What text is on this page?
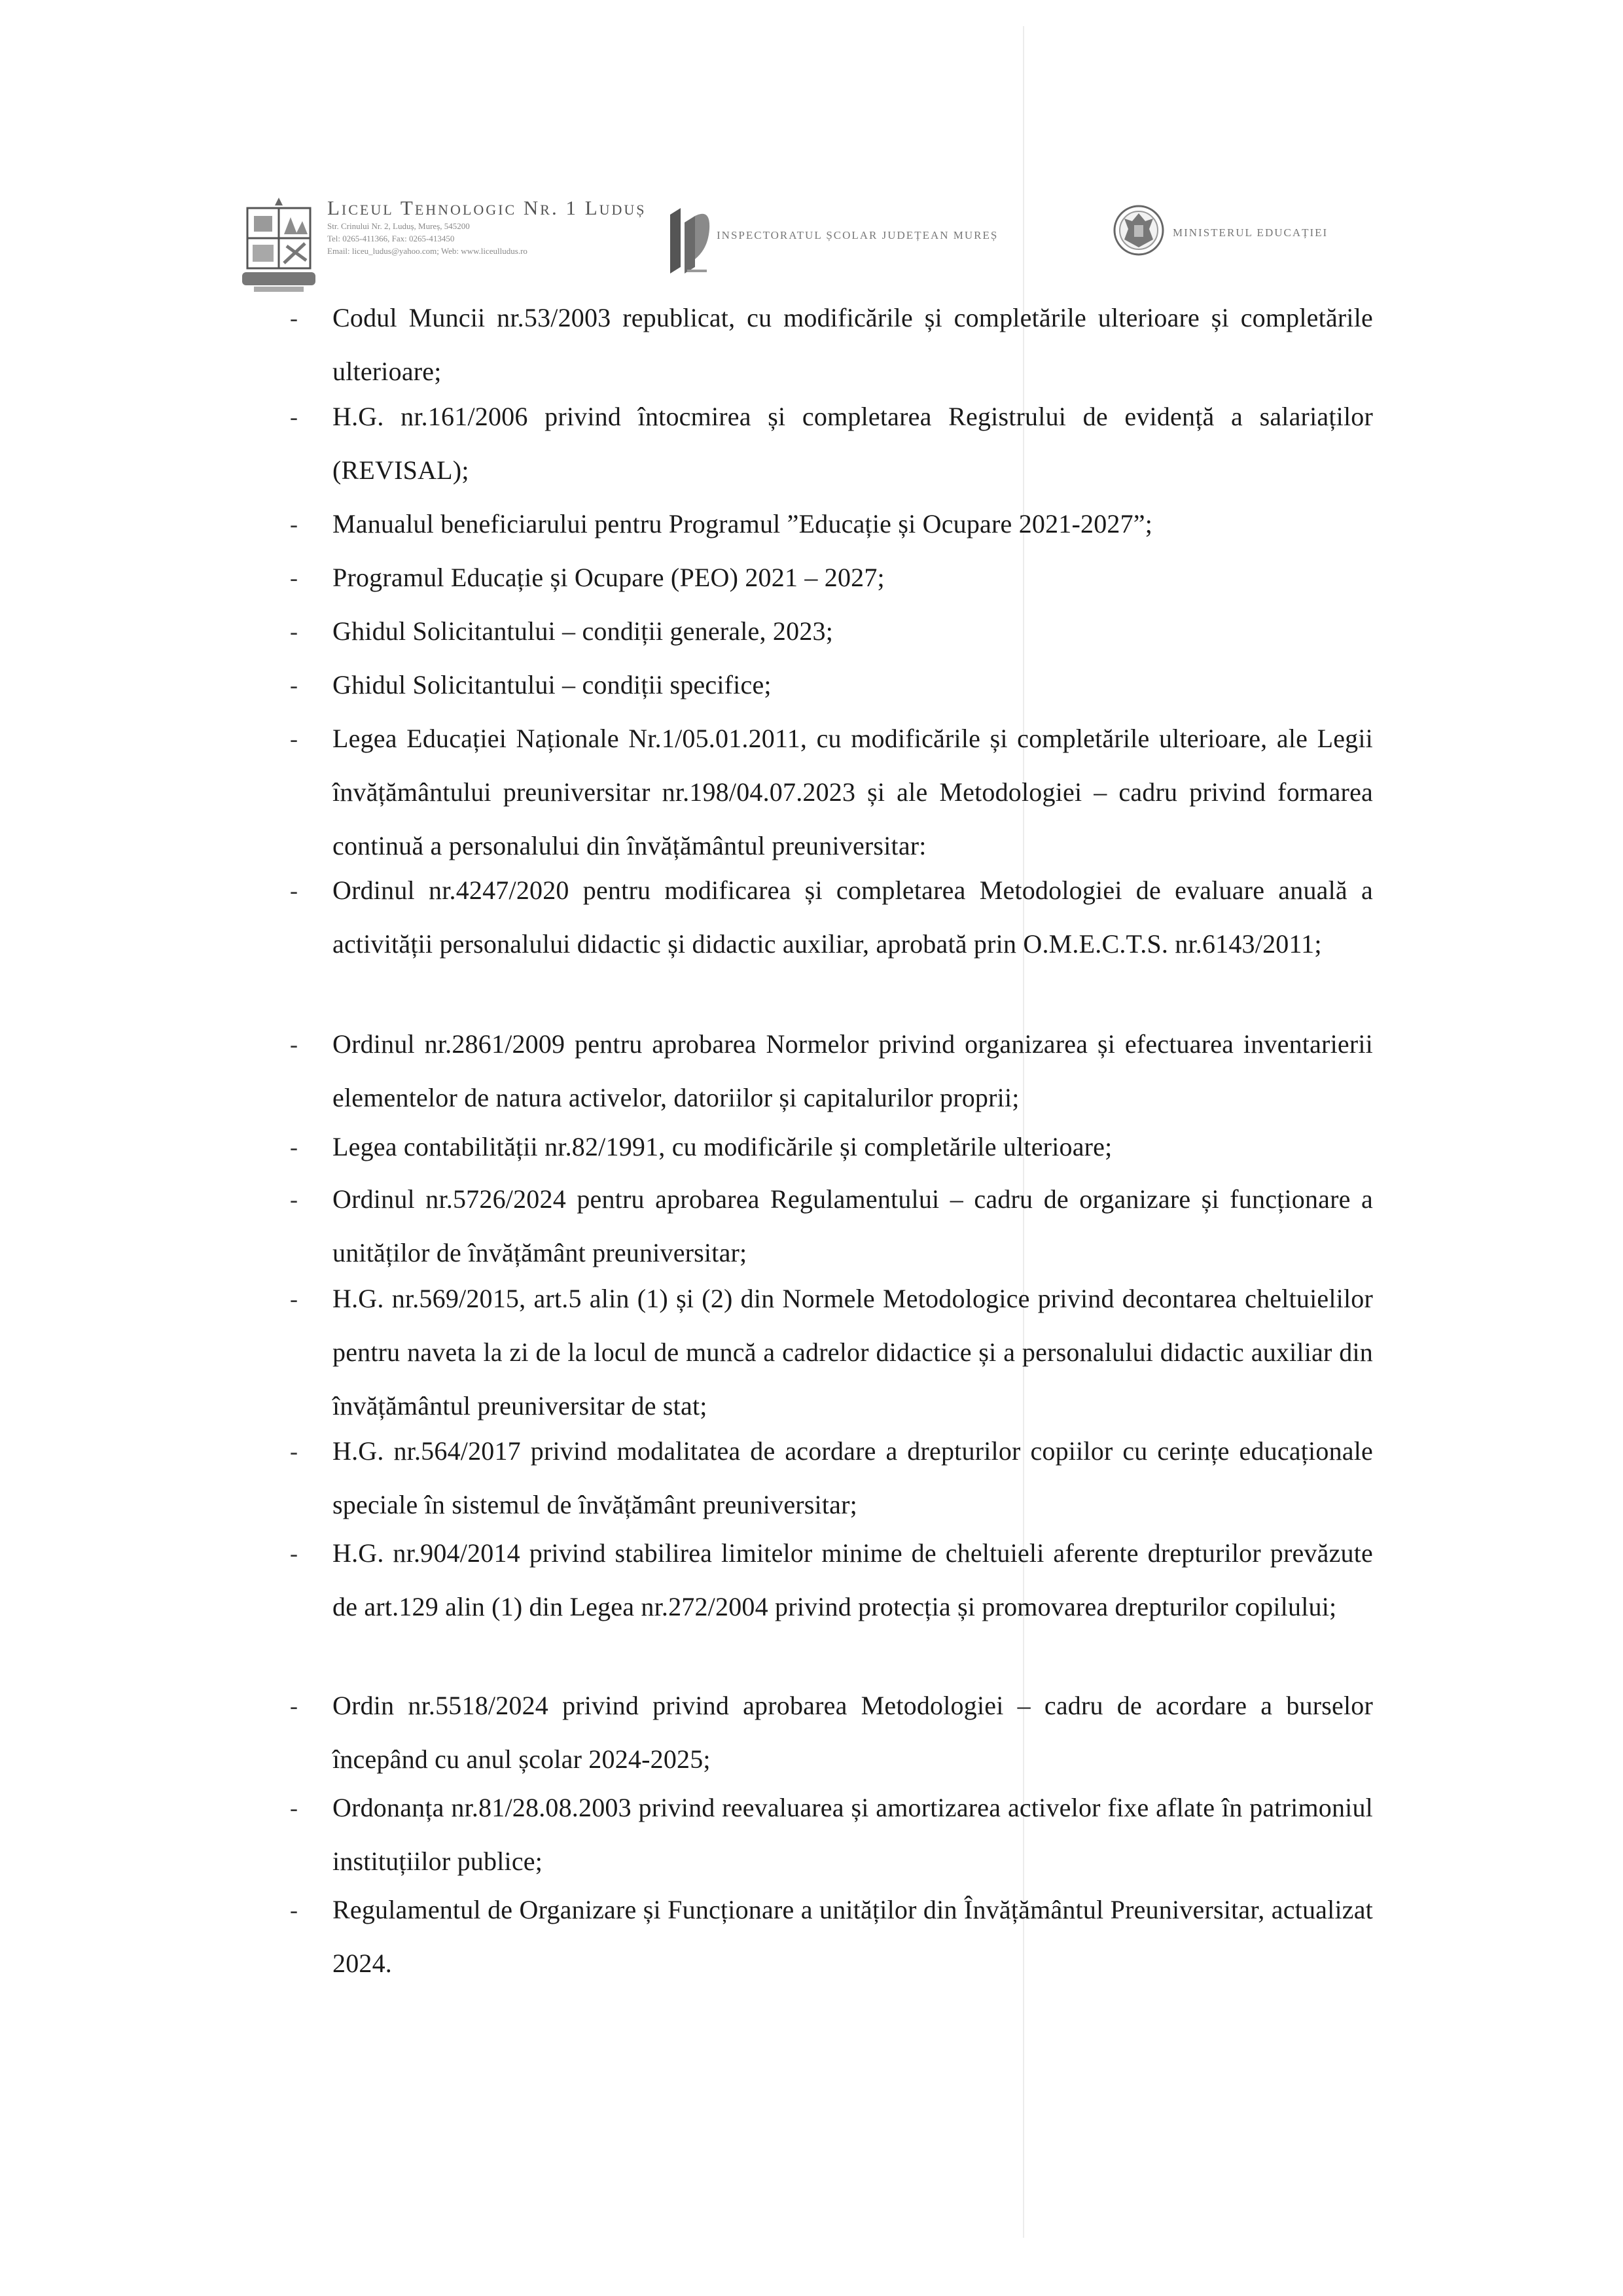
Liceul Tehnologic Nr. 1 Luduș
Str. Crinului Nr. 2, Luduș, Mureș, 545200
Tel: 0265-411366, Fax: 0265-413450
Email: liceu_ludus@yahoo.com; Web: www.liceulludus.ro
INSPECTORATUL ȘCOLAR JUDEȚEAN MUREȘ	MINISTERUL EDUCAȚIEI
- Codul Muncii nr.53/2003 republicat, cu modificările și completările ulterioare și completările ulterioare;
- H.G. nr.161/2006 privind întocmirea și completarea Registrului de evidență a salariaților (REVISAL);
- Manualul beneficiarului pentru Programul ”Educație și Ocupare 2021-2027”;
- Programul Educație și Ocupare (PEO) 2021 – 2027;
- Ghidul Solicitantului – condiții generale, 2023;
- Ghidul Solicitantului – condiții specifice;
- Legea Educației Naționale Nr.1/05.01.2011, cu modificările și completările ulterioare, ale Legii învățământului preuniversitar nr.198/04.07.2023 și ale Metodologiei – cadru privind formarea continuă a personalului din învățământul preuniversitar:
- Ordinul nr.4247/2020 pentru modificarea și completarea Metodologiei de evaluare anuală a activității personalului didactic și didactic auxiliar, aprobată prin O.M.E.C.T.S. nr.6143/2011;
- Ordinul nr.2861/2009 pentru aprobarea Normelor privind organizarea și efectuarea inventarierii elementelor de natura activelor, datoriilor și capitalurilor proprii;
- Legea contabilității nr.82/1991, cu modificările și completările ulterioare;
- Ordinul nr.5726/2024 pentru aprobarea Regulamentului – cadru de organizare și funcționare a unităților de învățământ preuniversitar;
- H.G. nr.569/2015, art.5 alin (1) și (2) din Normele Metodologice privind decontarea cheltuielilor pentru naveta la zi de la locul de muncă a cadrelor didactice și a personalului didactic auxiliar din învățământul preuniversitar de stat;
- H.G. nr.564/2017 privind modalitatea de acordare a drepturilor copiilor cu cerințe educaționale speciale în sistemul de învățământ preuniversitar;
- H.G. nr.904/2014 privind stabilirea limitelor minime de cheltuieli aferente drepturilor prevăzute de art.129 alin (1) din Legea nr.272/2004 privind protecția și promovarea drepturilor copilului;
- Ordin nr.5518/2024 privind privind aprobarea Metodologiei – cadru de acordare a burselor începând cu anul școlar 2024-2025;
- Ordonanța nr.81/28.08.2003 privind reevaluarea și amortizarea activelor fixe aflate în patrimoniul instituțiilor publice;
- Regulamentul de Organizare și Funcționare a unităților din Învățământul Preuniversitar, actualizat 2024.
